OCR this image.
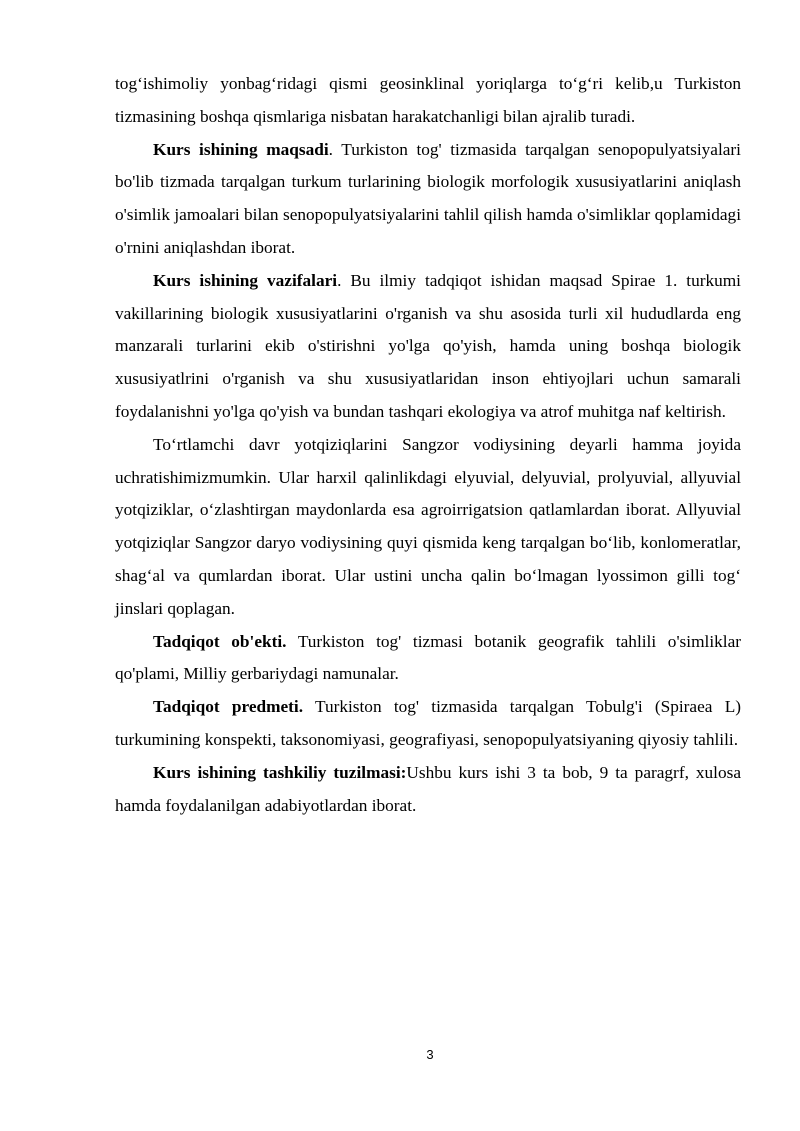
tog‘ishimoliy yonbag‘ridagi qismi geosinklinal yoriqlarga to‘g‘ri kelib,u Turkiston tizmasining boshqa qismlariga nisbatan harakatchanligi bilan ajralib turadi.

Kurs ishining maqsadi. Turkiston tog' tizmasida tarqalgan senopopulyatsiyalari bo'lib tizmada tarqalgan turkum turlarining biologik morfologik xususiyatlarini aniqlash o'simlik jamoalari bilan senopopulyatsiyalarini tahlil qilish hamda o'simliklar qoplamidagi o'rnini aniqlashdan iborat.

Kurs ishining vazifalari. Bu ilmiy tadqiqot ishidan maqsad Spirae 1. turkumi vakillarining biologik xususiyatlarini o'rganish va shu asosida turli xil hududlarda eng manzarali turlarini ekib o'stirishni yo'lga qo'yish, hamda uning boshqa biologik xususiyatlrini o'rganish va shu xususiyatlaridan inson ehtiyojlari uchun samarali foydalanishni yo'lga qo'yish va bundan tashqari ekologiya va atrof muhitga naf keltirish.

To‘rtlamchi davr yotqiziqlarini Sangzor vodiysining deyarli hamma joyida uchratishimizmumkin. Ular harxil qalinlikdagi elyuvial, delyuvial, prolyuvial, allyuvial yotqiziklar, o‘zlashtirgan maydonlarda esa agroirrigatsion qatlamlardan iborat. Allyuvial yotqiziqlar Sangzor daryo vodiysining quyi qismida keng tarqalgan bo‘lib, konlomeratlar, shag‘al va qumlardan iborat. Ular ustini uncha qalin bo‘lmagan lyossimon gilli tog‘ jinslari qoplagan.

Tadqiqot ob'ekti. Turkiston tog' tizmasi botanik geografik tahlili o'simliklar qo'plami, Milliy gerbariydagi namunalar.

Tadqiqot predmeti. Turkiston tog' tizmasida tarqalgan Tobulg'i (Spiraea L) turkumining konspekti, taksonomiyasi, geografiyasi, senopopulyatsiyaning qiyosiy tahlili.

Kurs ishining tashkiliy tuzilmasi:Ushbu kurs ishi 3 ta bob, 9 ta paragrf, xulosa hamda foydalanilgan adabiyotlardan iborat.

3
